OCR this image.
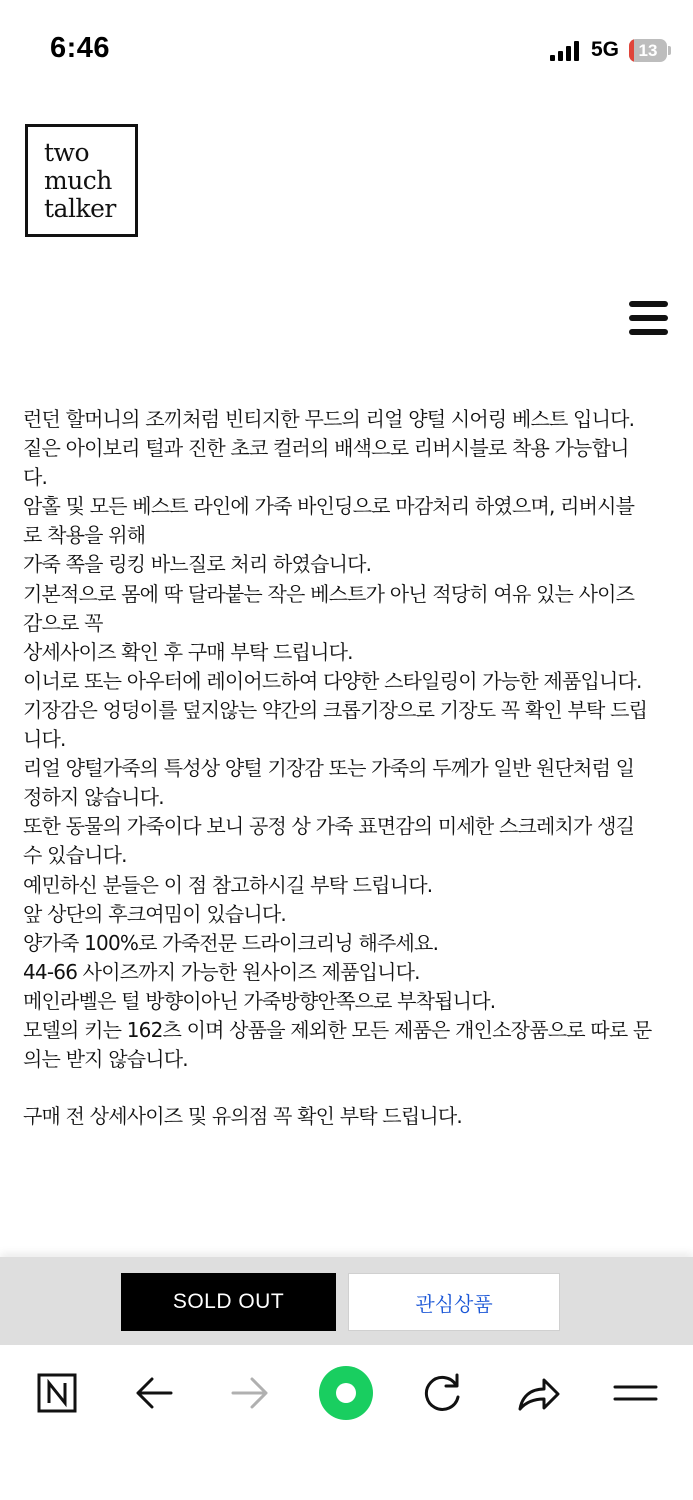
6:46	5G	13
two
much
talker
런던 할머니의 조끼처럼 빈티지한 무드의 리얼 양털 시어링 베스트 입니다.
짙은 아이보리 털과 진한 초코 컬러의 배색으로 리버시블로 착용 가능합니
다.
암홀 및 모든 베스트 라인에 가죽 바인딩으로 마감처리 하였으며, 리버시블
로 착용을 위해
가죽 쪽을 링킹 바느질로 처리 하였습니다.
기본적으로 몸에 딱 달라붙는 작은 베스트가 아닌 적당히 여유 있는 사이즈
감으로 꼭
상세사이즈 확인 후 구매 부탁 드립니다.
이너로 또는 아우터에 레이어드하여 다양한 스타일링이 가능한 제품입니다.
기장감은 엉덩이를 덮지않는 약간의 크롭기장으로 기장도 꼭 확인 부탁 드립
니다.
리얼 양털가죽의 특성상 양털 기장감 또는 가죽의 두께가 일반 원단처럼 일
정하지 않습니다.
또한 동물의 가죽이다 보니 공정 상 가죽 표면감의 미세한 스크레치가 생길
수 있습니다.
예민하신 분들은 이 점 참고하시길 부탁 드립니다.
앞 상단의 후크여밈이 있습니다.
양가죽 100%로 가죽전문 드라이크리닝 해주세요.
44-66 사이즈까지 가능한 원사이즈 제품입니다.
메인라벨은 털 방향이아닌 가죽방향안쪽으로 부착됩니다.
모델의 키는 162츠 이며 상품을 제외한 모든 제품은 개인소장품으로 따로 문
의는 받지 않습니다.
구매 전 상세사이즈 및 유의점 꼭 확인 부탁 드립니다.
SOLD OUT	관심상품
